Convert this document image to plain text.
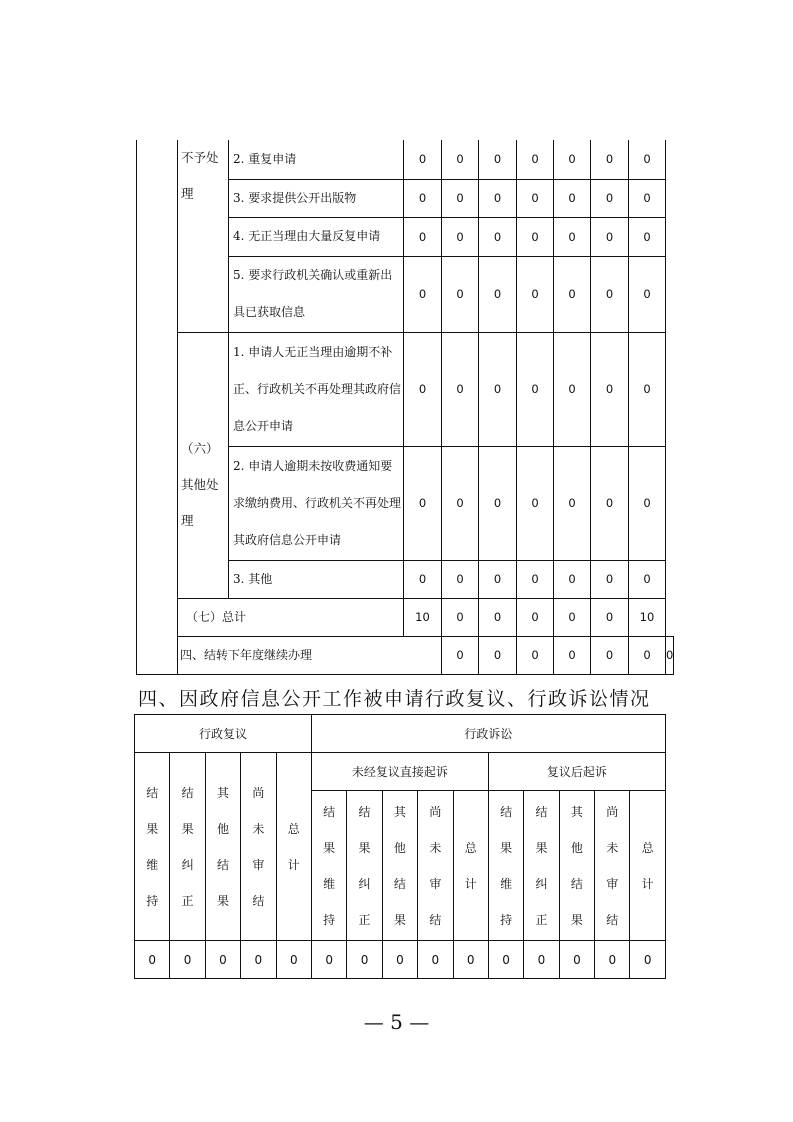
	不予处理	2. 重复申请	0	0	0	0	0	0	0	
		3. 要求提供公开出版物	0	0	0	0	0	0	0	
		4. 无正当理由大量反复申请	0	0	0	0	0	0	0	
		5. 要求行政机关确认或重新出具已获取信息	0	0	0	0	0	0	0	
	（六）其他处理	1. 申请人无正当理由逾期不补正、行政机关不再处理其政府信息公开申请	0	0	0	0	0	0	0	
		2. 申请人逾期未按收费通知要求缴纳费用、行政机关不再处理其政府信息公开申请	0	0	0	0	0	0	0	
		3. 其他	0	0	0	0	0	0	0	
	（七）总计		10	0	0	0	0	0	10	
	四、结转下年度继续办理			0	0	0	0	0	0	0
四、因政府信息公开工作被申请行政复议、行政诉讼情况
行政复议					行政诉讼									
结果维持	结果纠正	其他结果	尚未审结	总计	未经复议直接起诉					复议后起诉				
					结果维持	结果纠正	其他结果	尚未审结	总计	结果维持	结果纠正	其他结果	尚未审结	总计
0	0	0	0	0	0	0	0	0	0	0	0	0	0	0
— 5 —
